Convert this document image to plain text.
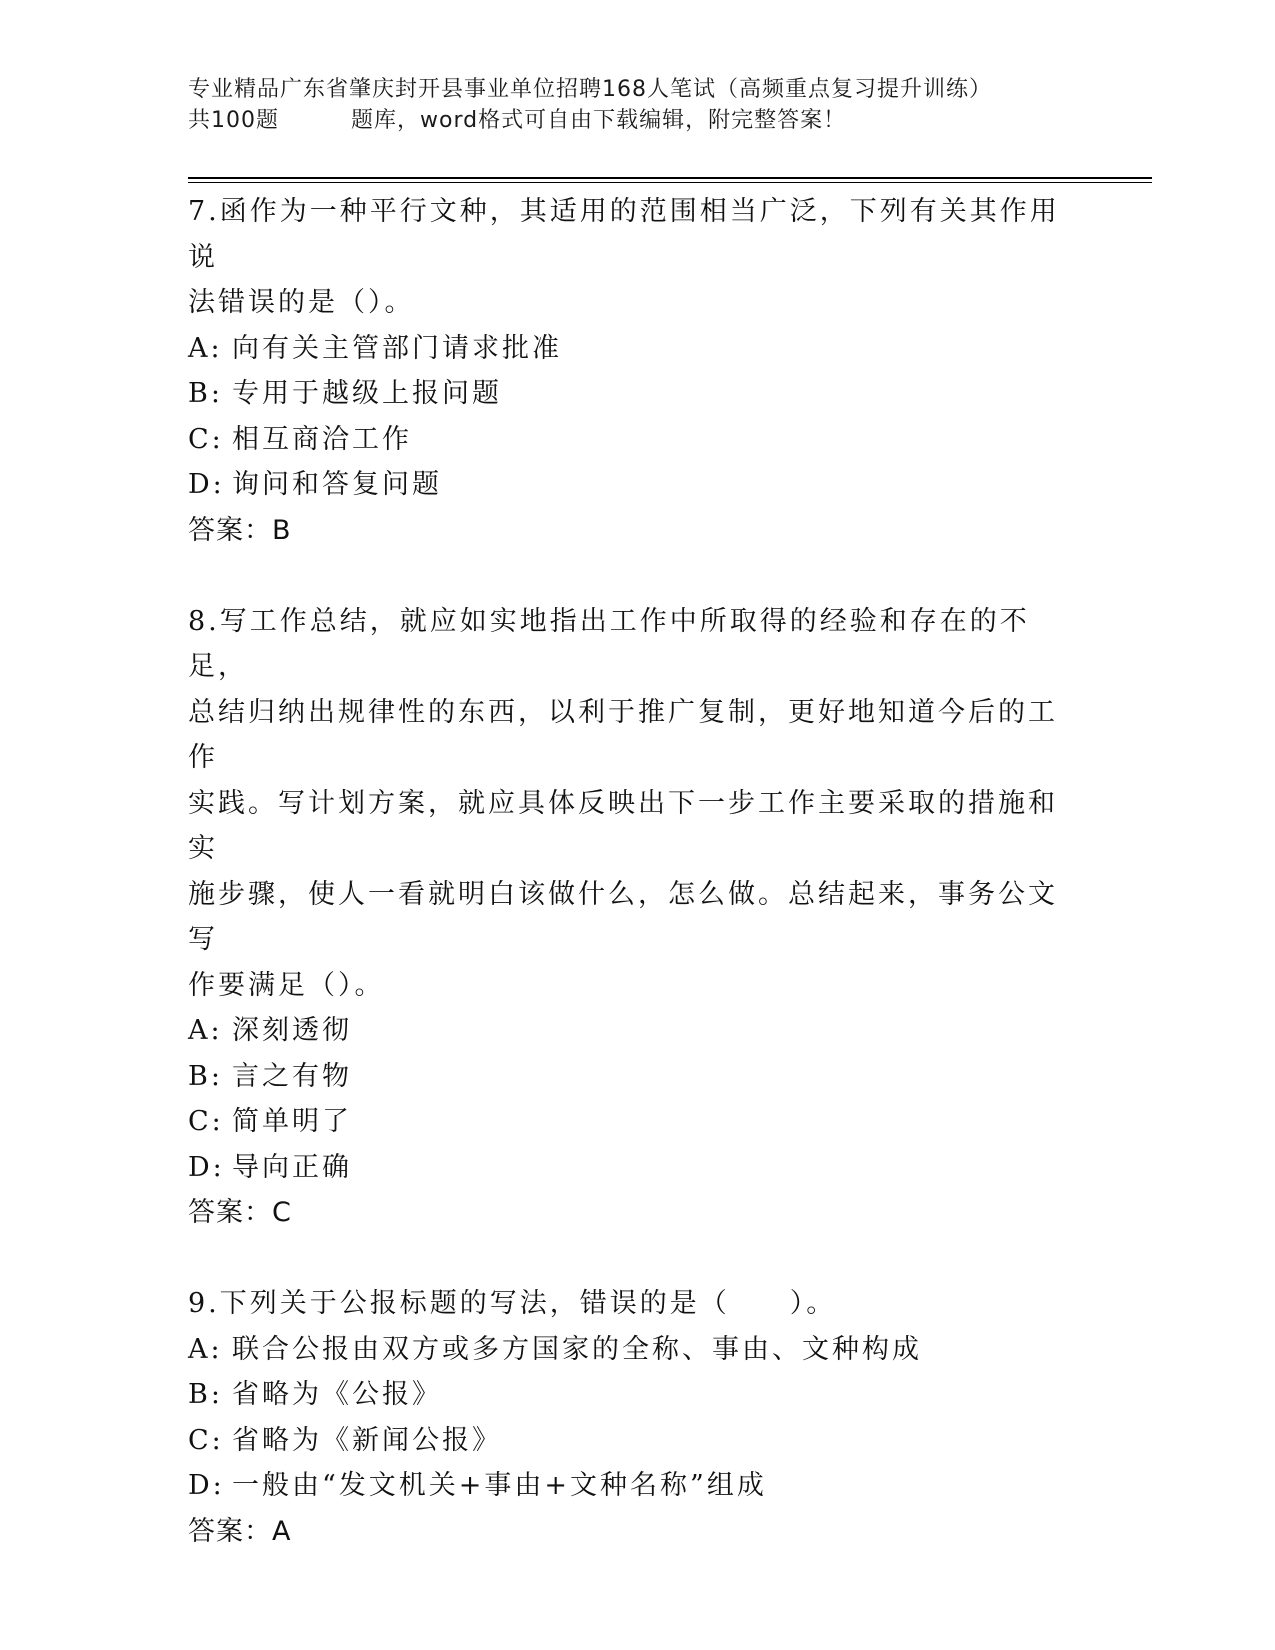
专业精品广东省肇庆封开县事业单位招聘168人笔试（高频重点复习提升训练）
共100题	题库，word格式可自由下载编辑，附完整答案！

7.函作为一种平行文种，其适用的范围相当广泛，下列有关其作用说

法错误的是（）。

A: 向有关主管部门请求批准
B: 专用于越级上报问题
C: 相互商洽工作
D: 询问和答复问题
答案：B

8.写工作总结，就应如实地指出工作中所取得的经验和存在的不足，

总结归纳出规律性的东西，以利于推广复制，更好地知道今后的工作

实践。写计划方案，就应具体反映出下一步工作主要采取的措施和实

施步骤，使人一看就明白该做什么，怎么做。总结起来，事务公文写

作要满足（）。

A: 深刻透彻
B: 言之有物
C: 简单明了
D: 导向正确
答案：C

9.下列关于公报标题的写法，错误的是（　　）。

A: 联合公报由双方或多方国家的全称、事由、文种构成
B: 省略为《公报》
C: 省略为《新闻公报》
D: 一般由“发文机关+事由+文种名称”组成
答案：A
